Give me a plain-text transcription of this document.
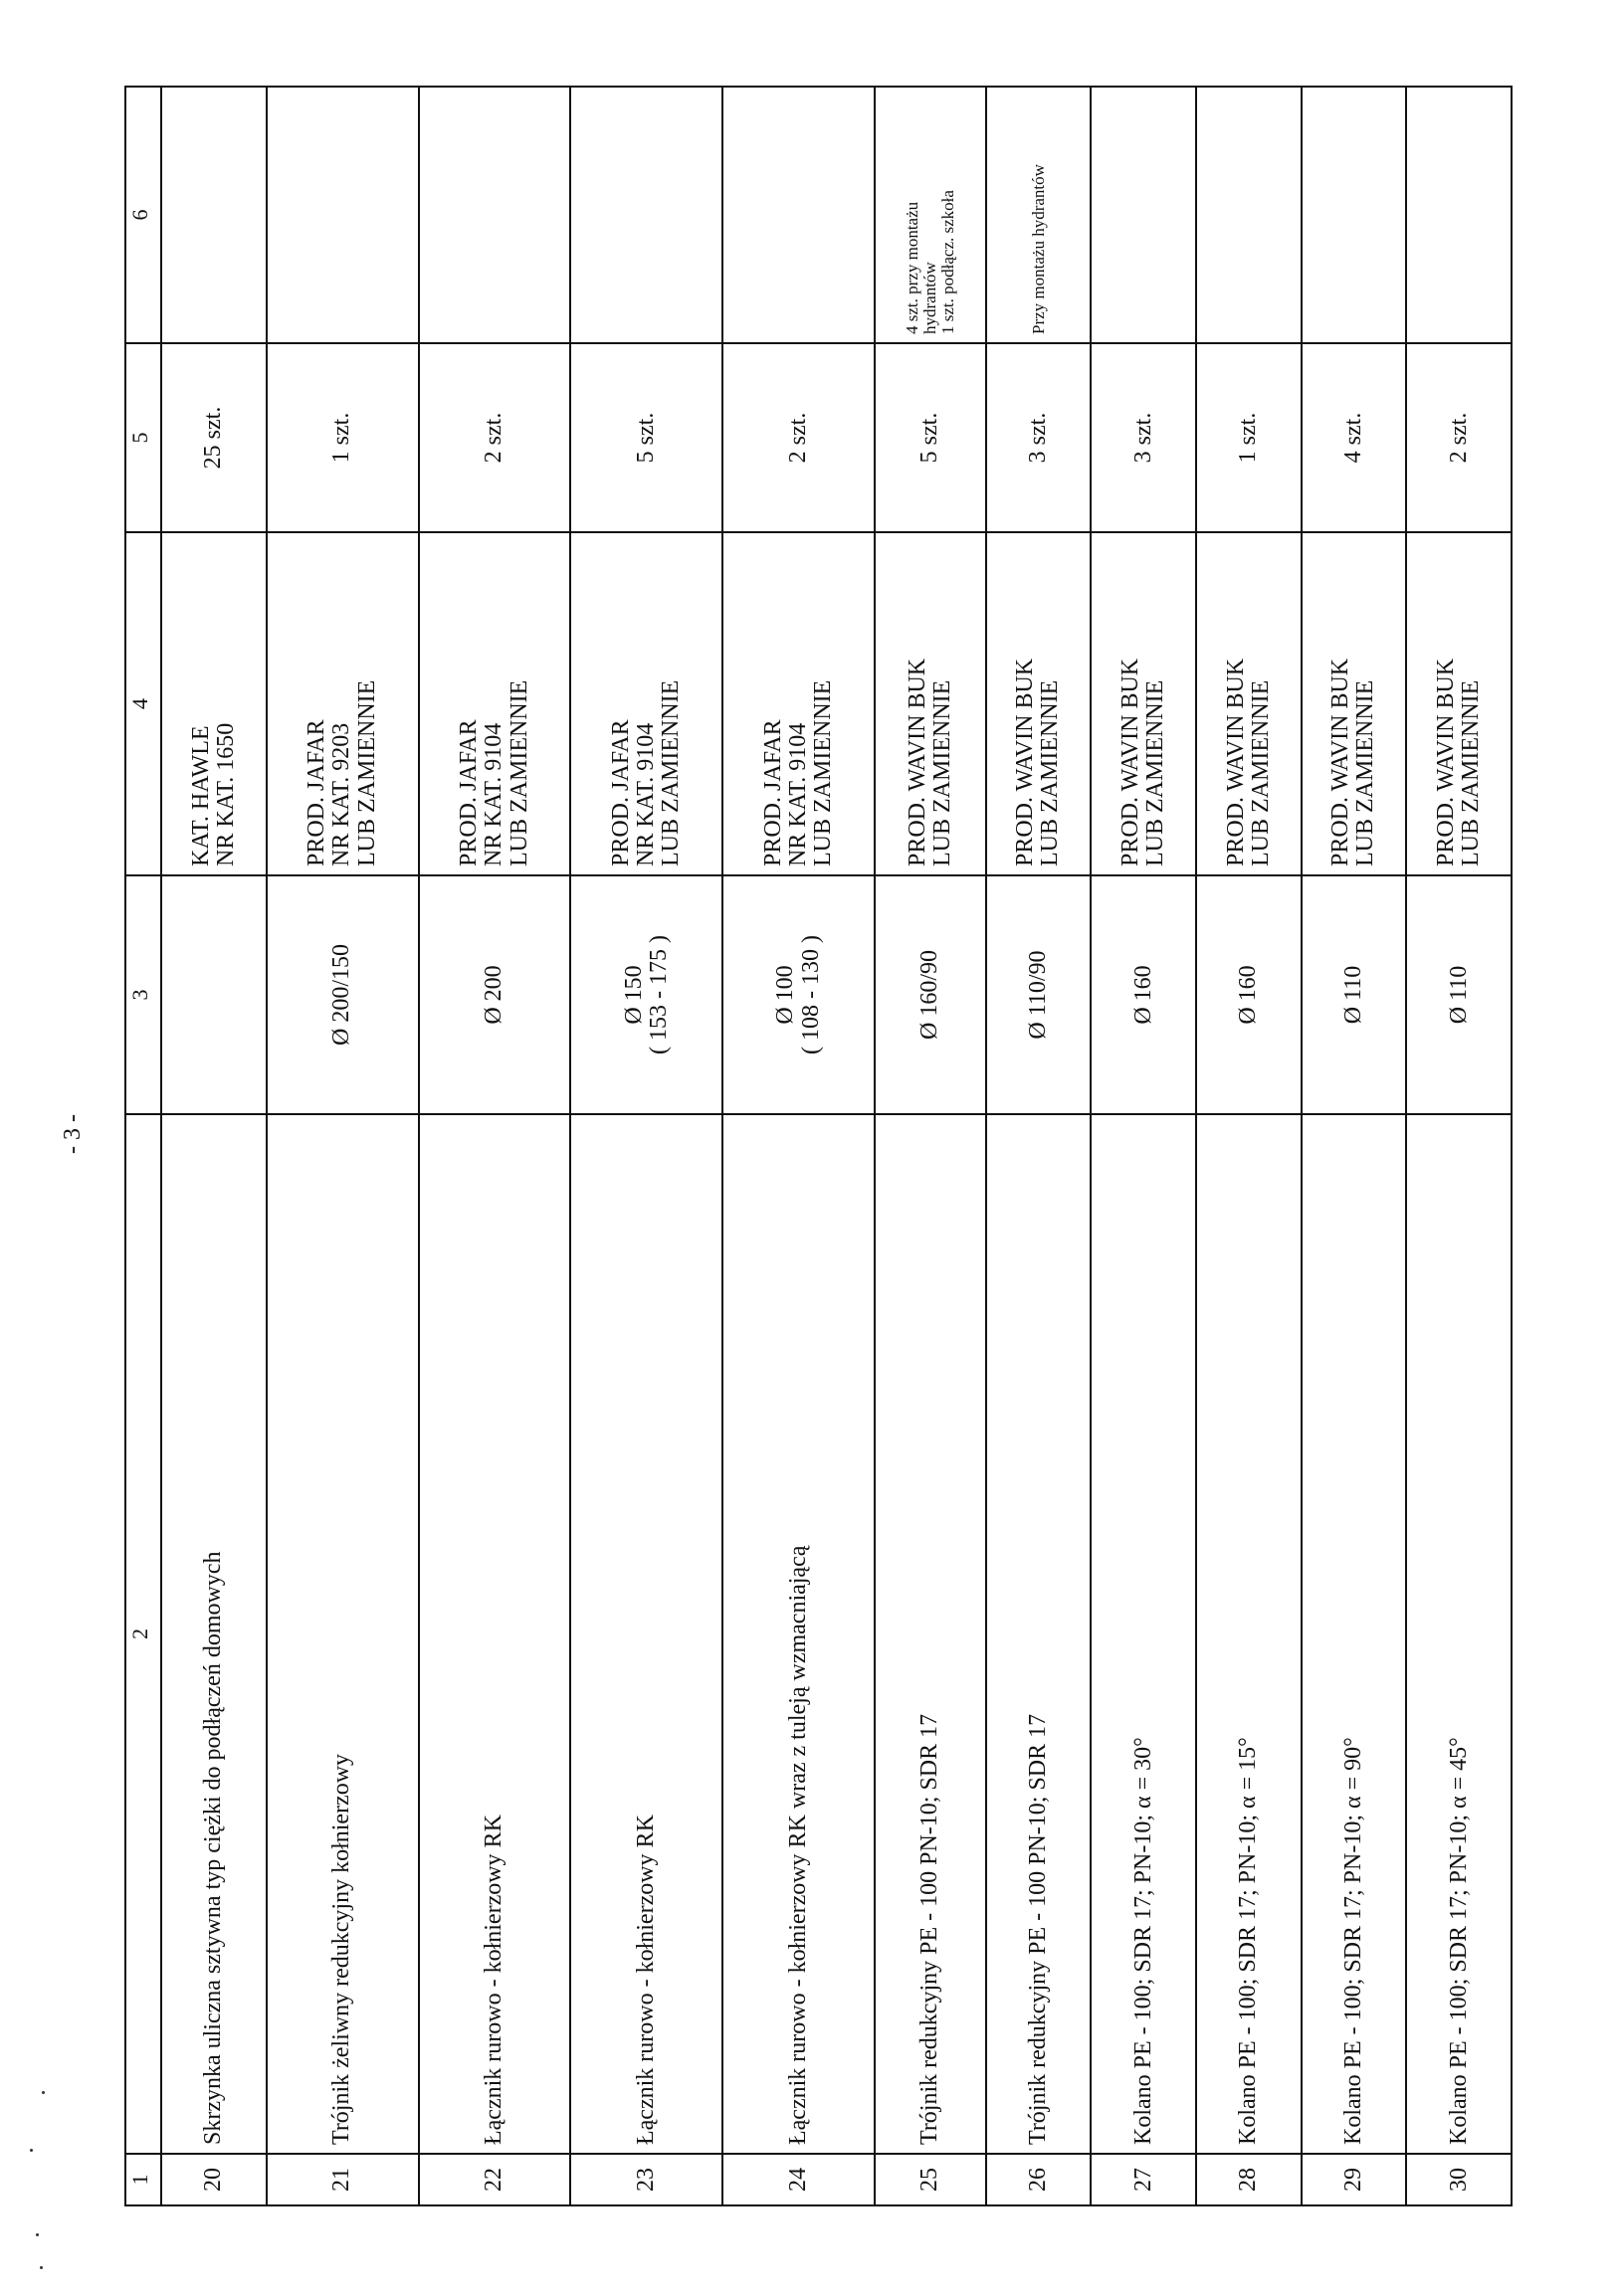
- 3 -
1	2	3	4	5	6
20	Skrzynka uliczna sztywna typ ciężki do podłączeń domowych		KAT. HAWLE NR KAT. 1650	25 szt.	
21	Trójnik żeliwny redukcyjny kołnierzowy	Ø 200/150	PROD. JAFAR NR KAT. 9203 LUB ZAMIENNIE	1 szt.	
22	Łącznik rurowo - kołnierzowy RK	Ø 200	PROD. JAFAR NR KAT. 9104 LUB ZAMIENNIE	2 szt.	
23	Łącznik rurowo - kołnierzowy RK	Ø 150 ( 153 - 175 )	PROD. JAFAR NR KAT. 9104 LUB ZAMIENNIE	5 szt.	
24	Łącznik rurowo - kołnierzowy RK wraz z tuleją wzmacniającą	Ø 100 ( 108 - 130 )	PROD. JAFAR NR KAT. 9104 LUB ZAMIENNIE	2 szt.	
25	Trójnik redukcyjny PE - 100 PN-10; SDR 17	Ø 160/90	PROD. WAVIN BUK LUB ZAMIENNIE	5 szt.	4 szt. przy montażu
hydrantów
1 szt. podłącz. szkoła

26	Trójnik redukcyjny PE - 100 PN-10; SDR 17	Ø 110/90	PROD. WAVIN BUK LUB ZAMIENNIE	3 szt.	Przy montażu hydrantów

27	Kolano PE - 100; SDR 17; PN-10; α = 30°	Ø 160	PROD. WAVIN BUK LUB ZAMIENNIE	3 szt.	
28	Kolano PE - 100; SDR 17; PN-10; α = 15°	Ø 160	PROD. WAVIN BUK LUB ZAMIENNIE	1 szt.	
29	Kolano PE - 100; SDR 17; PN-10; α = 90°	Ø 110	PROD. WAVIN BUK LUB ZAMIENNIE	4 szt.	
30	Kolano PE - 100; SDR 17; PN-10; α = 45°	Ø 110	PROD. WAVIN BUK LUB ZAMIENNIE	2 szt.	
